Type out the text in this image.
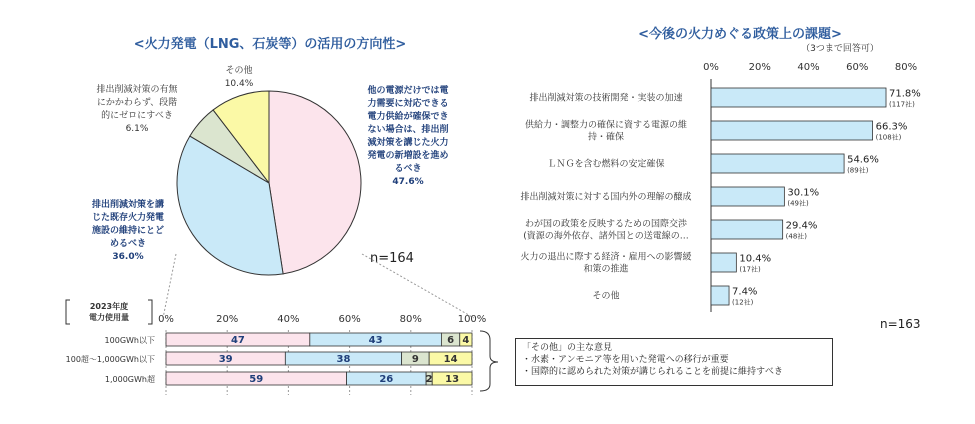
<火力発電（LNG、石炭等）の活用の方向性>
他の電源だけでは電
力需要に対応できる
電力供給が確保でき
ない場合は、排出削
減対策を講じた火力
発電の新増設を進め
るべき
47.6%
排出削減対策を講
じた既存火力発電
施設の維持にとど
めるべき
36.0%
排出削減対策の有無
にかかわらず、段階
的にゼロにすべき
6.1%
その他
10.4%
n=164
2023年度
電力使用量	0%	20%	40%	60%	80%	100%
100GWh以下	47	43	6 4
100超～1,000GWh以下	39	38	9 14
1,000GWh超	59	26	2 13
<今後の火力めぐる政策上の課題>
（3つまで回答可）
0%	20%	40%	60%	80%
排出削減対策の技術開発・実装の加速	71.8%
(117社)
供給力・調整力の確保に資する電源の維
持・確保
66.3%
(108社)
ＬＮＧを含む燃料の安定確保	54.6%
(89社)
排出削減対策に対する国内外の理解の醸成	30.1%
(49社)
わが国の政策を反映するための国際交渉
(資源の海外依存、諸外国との送電線の…
29.4%
(48社)
火力の退出に際する経済・雇用への影響緩
和策の推進
10.4%
(17社)
その他	7.4%
(12社)
n=163
「その他」の主な意見
・水素・アンモニア等を用いた発電への移行が重要
・国際的に認められた対策が講じられることを前提に維持すべき
